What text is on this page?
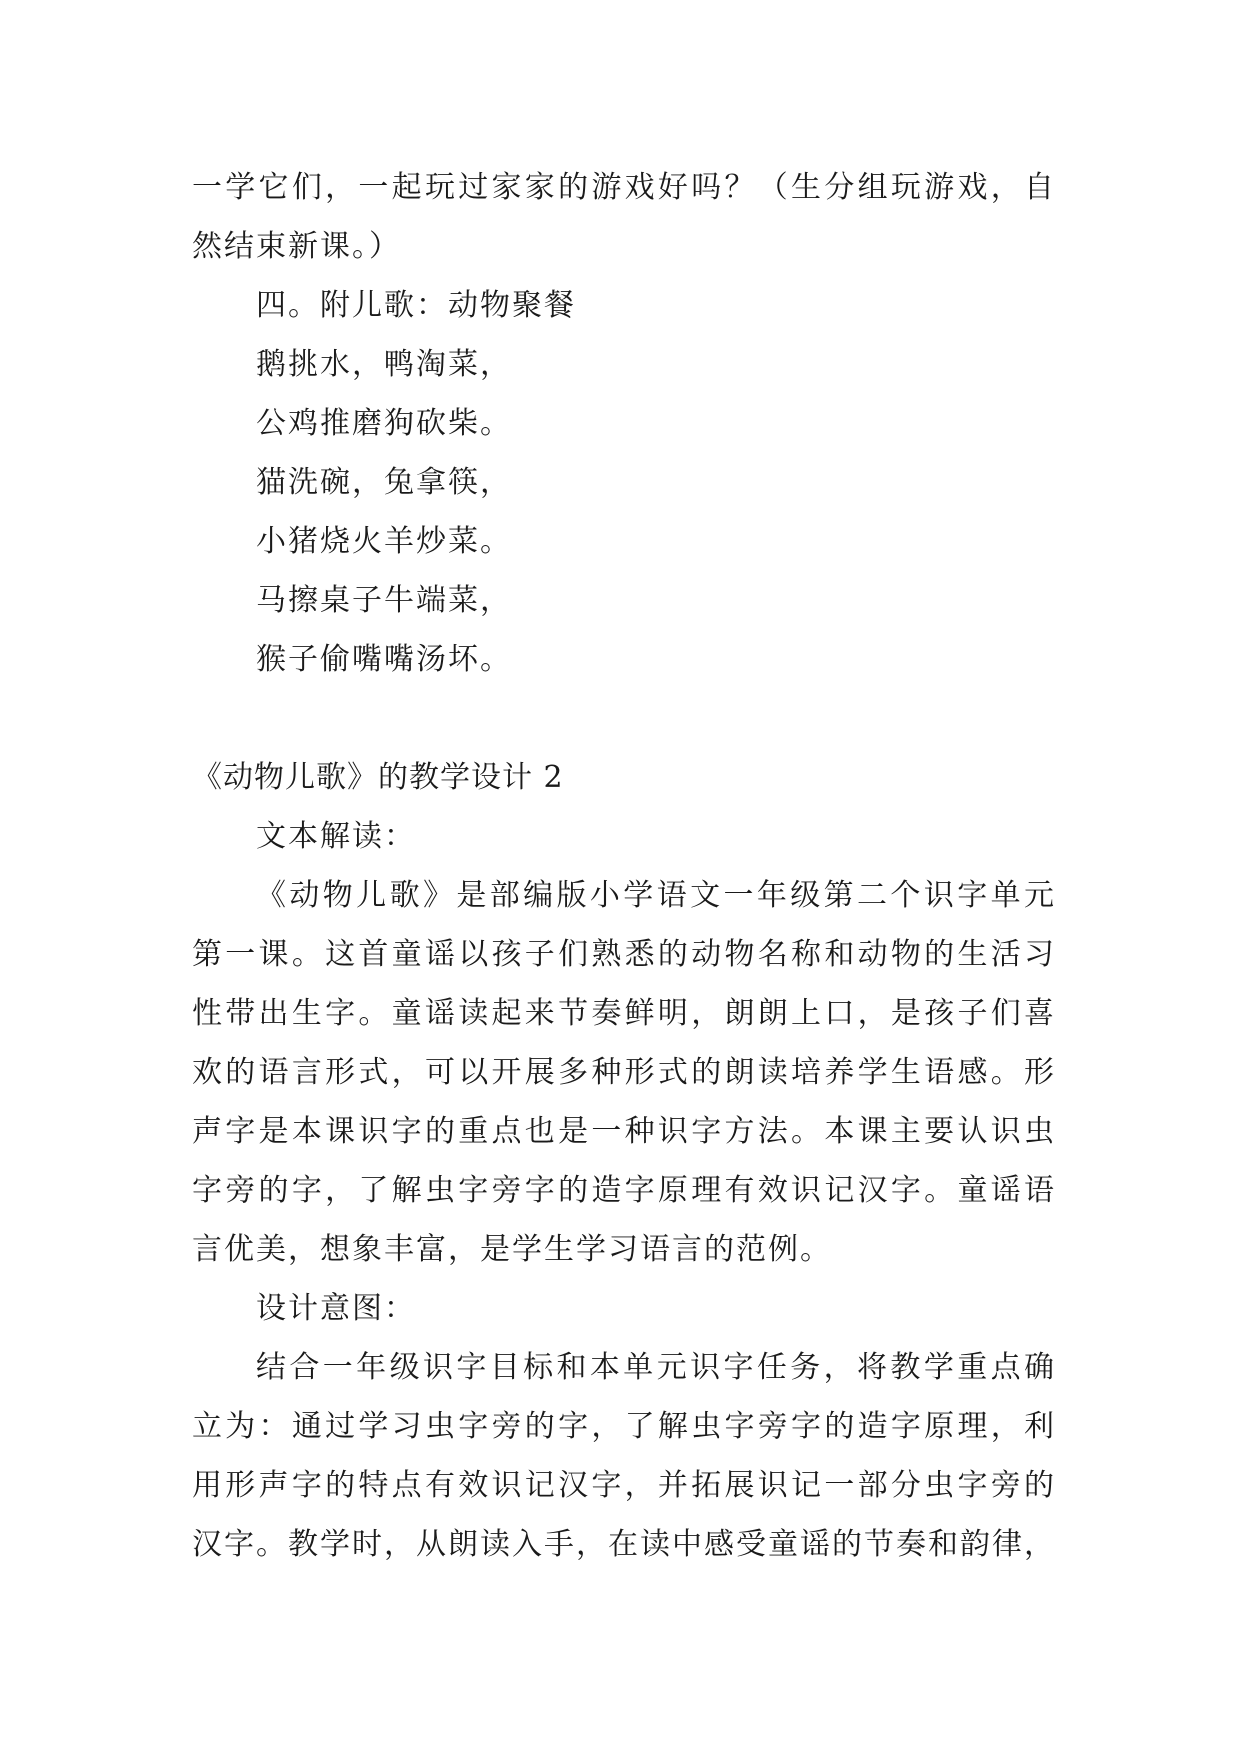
一学它们，一起玩过家家的游戏好吗？（生分组玩游戏，自
然结束新课。）
四。附儿歌：动物聚餐
鹅挑水，鸭淘菜，
公鸡推磨狗砍柴。
猫洗碗，兔拿筷，
小猪烧火羊炒菜。
马擦桌子牛端菜，
猴子偷嘴嘴汤坏。
《动物儿歌》的教学设计 2
文本解读：
《动物儿歌》是部编版小学语文一年级第二个识字单元
第一课。这首童谣以孩子们熟悉的动物名称和动物的生活习
性带出生字。童谣读起来节奏鲜明，朗朗上口，是孩子们喜
欢的语言形式，可以开展多种形式的朗读培养学生语感。形
声字是本课识字的重点也是一种识字方法。本课主要认识虫
字旁的字，了解虫字旁字的造字原理有效识记汉字。童谣语
言优美，想象丰富，是学生学习语言的范例。
设计意图：
结合一年级识字目标和本单元识字任务，将教学重点确
立为：通过学习虫字旁的字，了解虫字旁字的造字原理，利
用形声字的特点有效识记汉字，并拓展识记一部分虫字旁的
汉字。教学时，从朗读入手，在读中感受童谣的节奏和韵律，
